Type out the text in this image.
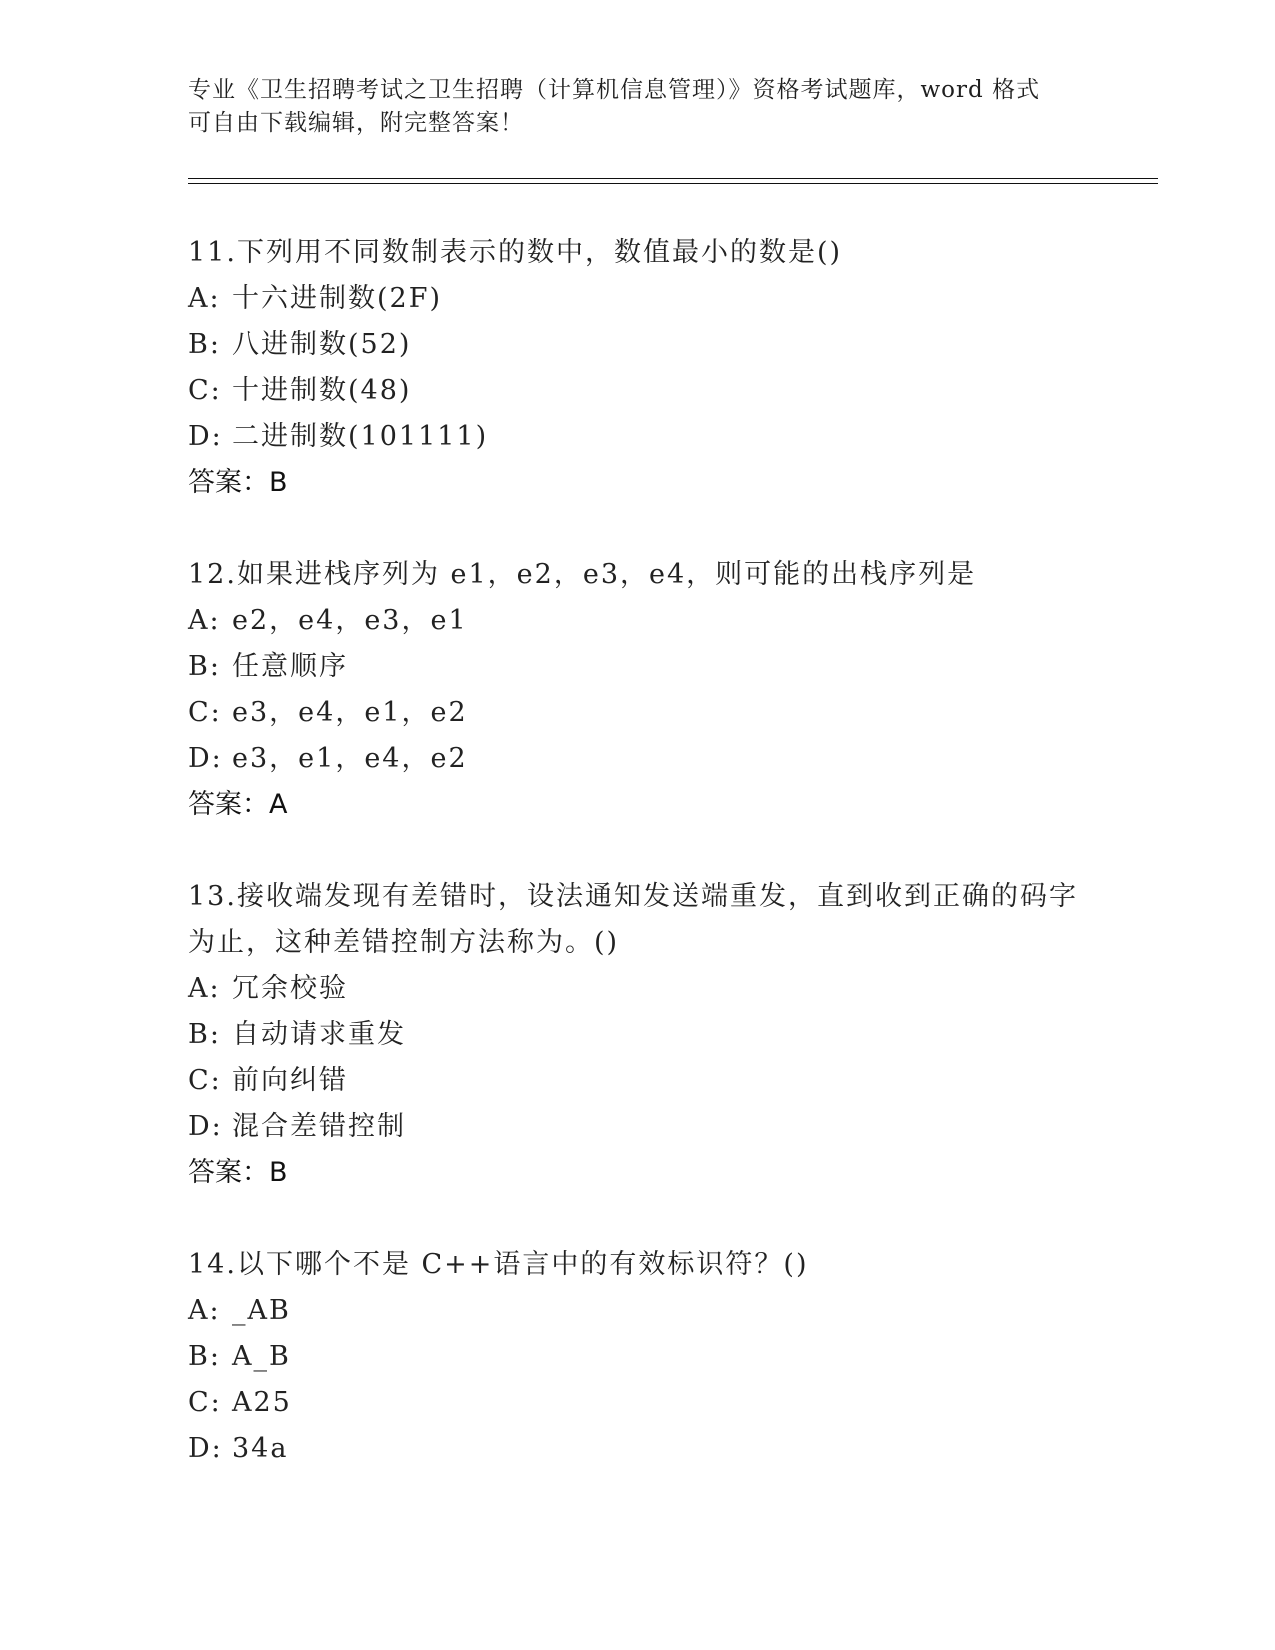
专业《卫生招聘考试之卫生招聘（计算机信息管理）》资格考试题库，word 格式
可自由下载编辑，附完整答案！
11.下列用不同数制表示的数中，数值最小的数是()
A: 十六进制数(2F)
B: 八进制数(52)
C: 十进制数(48)
D: 二进制数(101111)
答案：B
12.如果进栈序列为 e1，e2，e3，e4，则可能的出栈序列是
A: e2，e4，e3，e1
B: 任意顺序
C: e3，e4，e1，e2
D: e3，e1，e4，e2
答案：A
13.接收端发现有差错时，设法通知发送端重发，直到收到正确的码字
为止，这种差错控制方法称为。()
A: 冗余校验
B: 自动请求重发
C: 前向纠错
D: 混合差错控制
答案：B
14.以下哪个不是 C++语言中的有效标识符？()
A: _AB
B: A_B
C: A25
D: 34a
